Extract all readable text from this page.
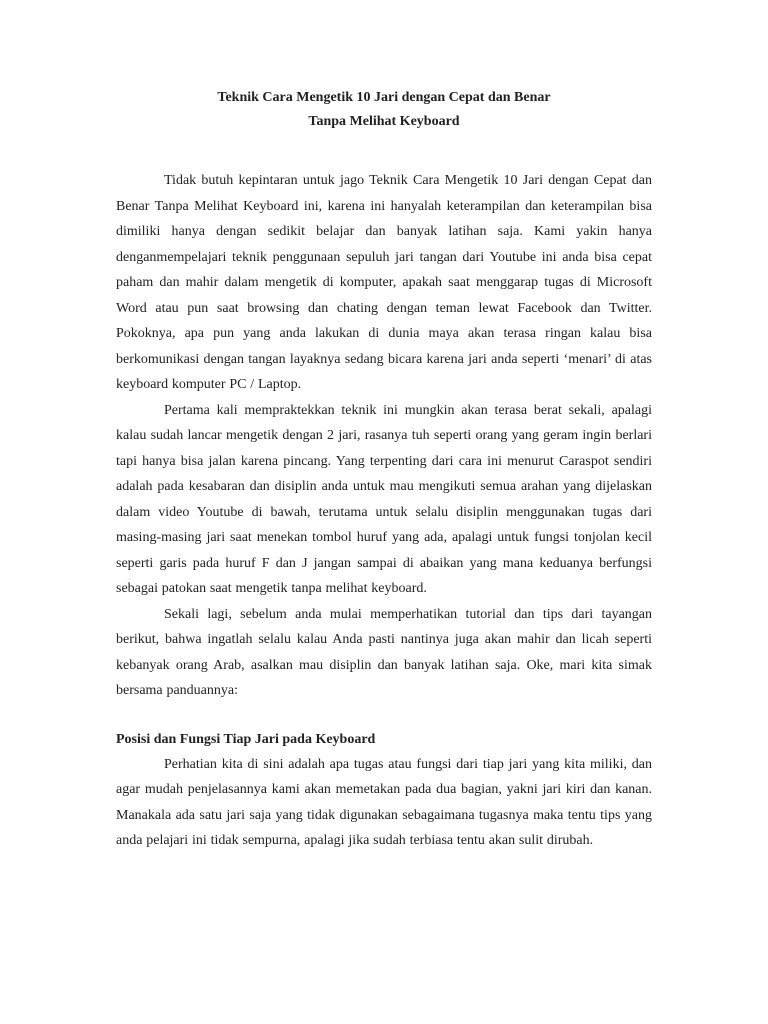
Teknik Cara Mengetik 10 Jari dengan Cepat dan Benar

Tanpa Melihat Keyboard

Tidak butuh kepintaran untuk jago Teknik Cara Mengetik 10 Jari dengan Cepat dan Benar Tanpa Melihat Keyboard ini, karena ini hanyalah keterampilan dan keterampilan bisa dimiliki hanya dengan sedikit belajar dan banyak latihan saja. Kami yakin hanya denganmempelajari teknik penggunaan sepuluh jari tangan dari Youtube ini anda bisa cepat paham dan mahir dalam mengetik di komputer, apakah saat menggarap tugas di Microsoft Word atau pun saat browsing dan chating dengan teman lewat Facebook dan Twitter. Pokoknya, apa pun yang anda lakukan di dunia maya akan terasa ringan kalau bisa berkomunikasi dengan tangan layaknya sedang bicara karena jari anda seperti ‘menari’ di atas keyboard komputer PC / Laptop.

Pertama kali mempraktekkan teknik ini mungkin akan terasa berat sekali, apalagi kalau sudah lancar mengetik dengan 2 jari, rasanya tuh seperti orang yang geram ingin berlari tapi hanya bisa jalan karena pincang. Yang terpenting dari cara ini menurut Caraspot sendiri adalah pada kesabaran dan disiplin anda untuk mau mengikuti semua arahan yang dijelaskan dalam video Youtube di bawah, terutama untuk selalu disiplin menggunakan tugas dari masing-masing jari saat menekan tombol huruf yang ada, apalagi untuk fungsi tonjolan kecil seperti garis pada huruf F dan J jangan sampai di abaikan yang mana keduanya berfungsi sebagai patokan saat mengetik tanpa melihat keyboard.

Sekali lagi, sebelum anda mulai memperhatikan tutorial dan tips dari tayangan berikut, bahwa ingatlah selalu kalau Anda pasti nantinya juga akan mahir dan licah seperti kebanyak orang Arab, asalkan mau disiplin dan banyak latihan saja. Oke, mari kita simak bersama panduannya:

Posisi dan Fungsi Tiap Jari pada Keyboard

Perhatian kita di sini adalah apa tugas atau fungsi dari tiap jari yang kita miliki, dan agar mudah penjelasannya kami akan memetakan pada dua bagian, yakni jari kiri dan kanan. Manakala ada satu jari saja yang tidak digunakan sebagaimana tugasnya maka tentu tips yang anda pelajari ini tidak sempurna, apalagi jika sudah terbiasa tentu akan sulit dirubah.
